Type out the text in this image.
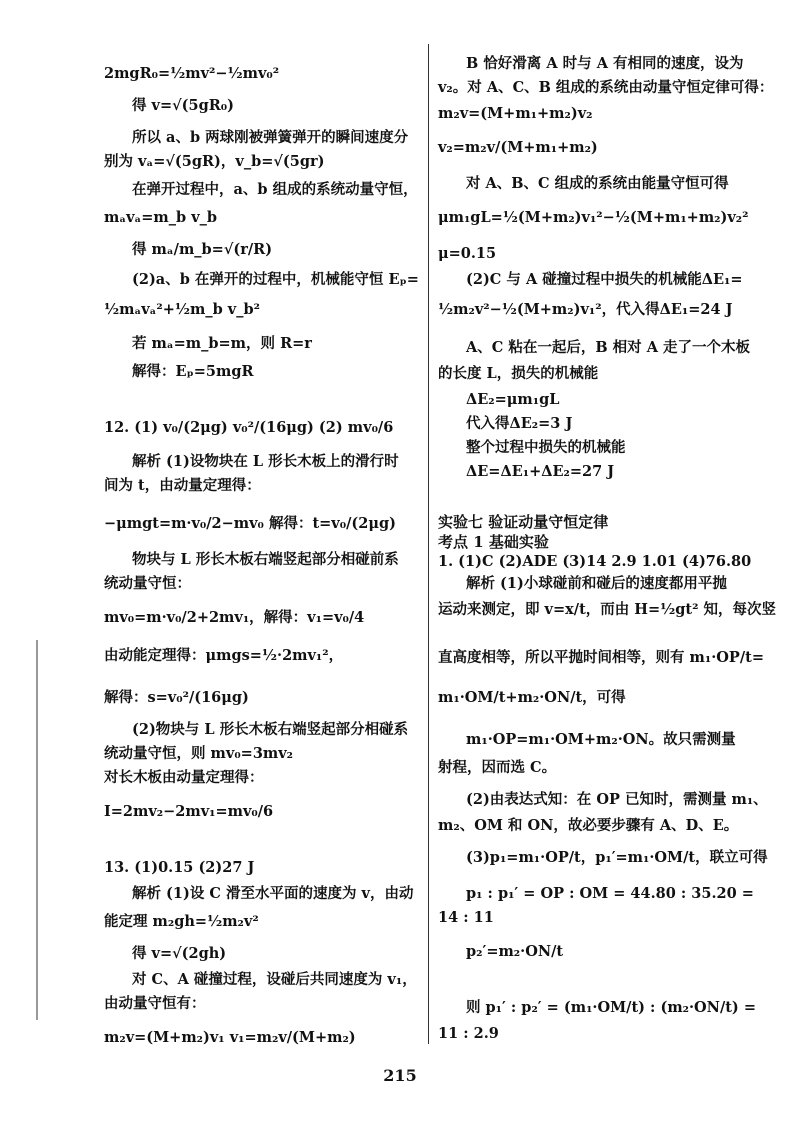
2mgR₀=½mv²−½mv₀²
得 v=√(5gR₀)
所以 a、b 两球刚被弹簧弹开的瞬间速度分
别为 vₐ=√(5gR)，v_b=√(5gr)
在弹开过程中，a、b 组成的系统动量守恒，
mₐvₐ=m_b v_b
得 mₐ/m_b=√(r/R)
(2)a、b 在弹开的过程中，机械能守恒 Eₚ=
½mₐvₐ²+½m_b v_b²
若 mₐ=m_b=m，则 R=r
解得：Eₚ=5mgR
12. (1) v₀/(2μg) v₀²/(16μg) (2) mv₀/6
解析 (1)设物块在 L 形长木板上的滑行时
间为 t，由动量定理得：
−μmgt=m·v₀/2−mv₀ 解得：t=v₀/(2μg)
物块与 L 形长木板右端竖起部分相碰前系
统动量守恒：
mv₀=m·v₀/2+2mv₁，解得：v₁=v₀/4
由动能定理得：μmgs=½·2mv₁²，
解得：s=v₀²/(16μg)
(2)物块与 L 形长木板右端竖起部分相碰系
统动量守恒，则 mv₀=3mv₂
对长木板由动量定理得：
I=2mv₂−2mv₁=mv₀/6
13. (1)0.15 (2)27 J
解析 (1)设 C 滑至水平面的速度为 v，由动
能定理 m₂gh=½m₂v²
得 v=√(2gh)
对 C、A 碰撞过程，设碰后共同速度为 v₁，
由动量守恒有：
m₂v=(M+m₂)v₁ v₁=m₂v/(M+m₂)
B 恰好滑离 A 时与 A 有相同的速度，设为
v₂。对 A、C、B 组成的系统由动量守恒定律可得：
m₂v=(M+m₁+m₂)v₂
v₂=m₂v/(M+m₁+m₂)
对 A、B、C 组成的系统由能量守恒可得
μm₁gL=½(M+m₂)v₁²−½(M+m₁+m₂)v₂²
μ=0.15
(2)C 与 A 碰撞过程中损失的机械能ΔE₁=
½m₂v²−½(M+m₂)v₁²，代入得ΔE₁=24 J
A、C 粘在一起后，B 相对 A 走了一个木板
的长度 L，损失的机械能
ΔE₂=μm₁gL
代入得ΔE₂=3 J
整个过程中损失的机械能
ΔE=ΔE₁+ΔE₂=27 J
实验七 验证动量守恒定律
考点 1 基础实验
1. (1)C (2)ADE (3)14 2.9 1.01 (4)76.80
解析 (1)小球碰前和碰后的速度都用平抛
运动来测定，即 v=x/t，而由 H=½gt² 知，每次竖
直高度相等，所以平抛时间相等，则有 m₁·OP/t=
m₁·OM/t+m₂·ON/t，可得
m₁·OP=m₁·OM+m₂·ON。故只需测量
射程，因而选 C。
(2)由表达式知：在 OP 已知时，需测量 m₁、
m₂、OM 和 ON，故必要步骤有 A、D、E。
(3)p₁=m₁·OP/t，p₁′=m₁·OM/t，联立可得
p₁ : p₁′ = OP : OM = 44.80 : 35.20 =
14 : 11
p₂′=m₂·ON/t
则 p₁′ : p₂′ = (m₁·OM/t) : (m₂·ON/t) =
11 : 2.9
215
